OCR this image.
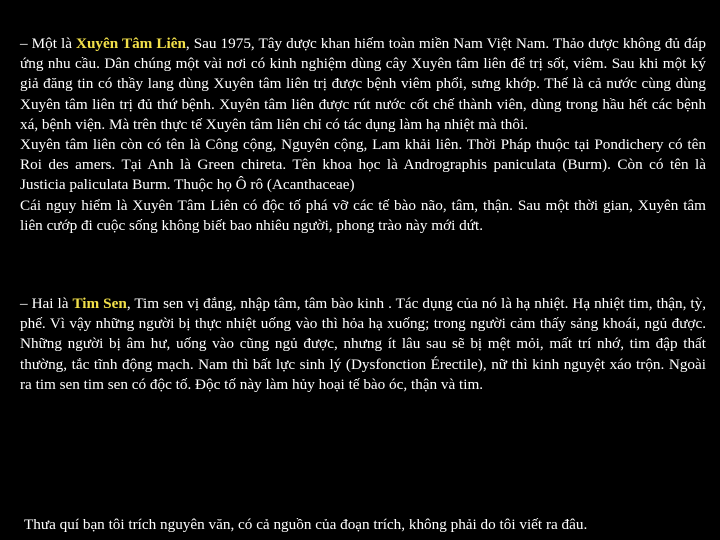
– Một là Xuyên Tâm Liên, Sau 1975, Tây dược khan hiếm toàn miền Nam Việt Nam. Thảo dược không đủ đáp ứng nhu cầu. Dân chúng một vài nơi có kinh nghiệm dùng cây Xuyên tâm liên để trị sốt, viêm. Sau khi một ký giả đăng tin có thầy lang dùng Xuyên tâm liên trị được bệnh viêm phổi, sưng khớp. Thế là cả nước cùng dùng Xuyên tâm liên trị đủ thứ bệnh. Xuyên tâm liên được rút nước cốt chế thành viên, dùng trong hầu hết các bệnh xá, bệnh viện. Mà trên thực tế Xuyên tâm liên chỉ có tác dụng làm hạ nhiệt mà thôi.
Xuyên tâm liên còn có tên là Công cộng, Nguyên cộng, Lam khải liên. Thời Pháp thuộc tại Pondichery có tên Roi des amers. Tại Anh là Green chireta. Tên khoa học là Andrographis paniculata (Burm). Còn có tên là Justicia paliculata Burm. Thuộc họ Ô rô (Acanthaceae)
Cái nguy hiểm là Xuyên Tâm Liên có độc tố phá vỡ các tế bào não, tâm, thận. Sau một thời gian, Xuyên tâm liên cướp đi cuộc sống không biết bao nhiêu người, phong trào này mới dứt.
– Hai là Tim Sen, Tim sen vị đắng, nhập tâm, tâm bào kinh . Tác dụng của nó là hạ nhiệt. Hạ nhiệt tim, thận, tỳ, phế. Vì vậy những người bị thực nhiệt uống vào thì hỏa hạ xuống; trong người cảm thấy sảng khoái, ngủ được. Những người bị âm hư, uống vào cũng ngủ được, nhưng ít lâu sau sẽ bị mệt mỏi, mất trí nhớ, tim đập thất thường, tắc tĩnh động mạch. Nam thì bất lực sinh lý (Dysfonction Érectile), nữ thì kinh nguyệt xáo trộn. Ngoài ra tim sen tim sen có độc tố. Độc tố này làm hủy hoại tế bào óc, thận và tim.
Thưa quí bạn tôi trích nguyên văn, có cả nguồn của đoạn trích, không phải do tôi viết ra đâu.
